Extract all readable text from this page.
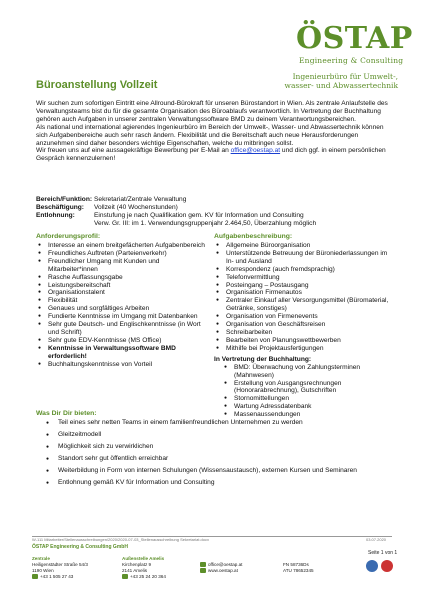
ÖSTAP
Engineering & Consulting
Ingenieurbüro für Umwelt-,
wasser- und Abwassertechnik
Büroanstellung Vollzeit

Wir suchen zum sofortigen Eintritt eine Allround-Bürokraft für unseren Bürostandort in Wien. Als zentrale Anlaufstelle des Verwaltungsteams bist du für die gesamte Organisation des Büroablaufs verantwortlich. In Vertretung der Buchhaltung gehören auch Aufgaben in unserer zentralen Verwaltungssoftware BMD zu deinem Verantwortungsbereichen.

Als national und international agierendes Ingenieurbüro im Bereich der Umwelt-, Wasser- und Abwassertechnik können sich Aufgabenbereiche auch sehr rasch ändern. Flexibilität und die Bereitschaft auch neue Herausforderungen anzunehmen sind daher besonders wichtige Eigenschaften, welche du mitbringen sollst.

Wir freuen uns auf eine aussagekräftige Bewerbung per E-Mail an office@oestap.at und dich ggf. in einem persönlichen Gespräch kennenzulernen!

Bereich/Funktion: Sekretariat/Zentrale Verwaltung
Beschäftigung:	Vollzeit (40 Wochenstunden)
Entlohnung:	Einstufung je nach Qualifikation gem. KV für Information und Consulting
Verw. Gr. III: im 1. Verwendungsgruppenjahr 2.464,50, Überzahlung möglich
Anforderungsprofil:
● Interesse an einem breitgefächerten Aufgabenbereich
● Freundliches Auftreten (Parteienverkehr)
● Freundlicher Umgang mit Kunden und Mitarbeiter*innen
● Rasche Auffassungsgabe
● Leistungsbereitschaft
● Organisationstalent
● Flexibilität
● Genaues und sorgfältiges Arbeiten
● Fundierte Kenntnisse im Umgang mit Datenbanken
● Sehr gute Deutsch- und Englischkenntnisse (in Wort und Schrift)
● Sehr gute EDV-Kenntnisse (MS Office)
● Kenntnisse in Verwaltungssoftware BMD erforderlich!
● Buchhaltungskenntnisse von Vorteil
Aufgabenbeschreibung:
● Allgemeine Büroorganisation
● Unterstützende Betreuung der Büroniederlassungen im In- und Ausland
● Korrespondenz (auch fremdsprachig)
● Telefonvermittlung
● Posteingang – Postausgang
● Organisation Firmenautos
● Zentraler Einkauf aller Versorgungsmittel (Büromaterial, Getränke, sonstiges)
● Organisation von Firmenevents
● Organisation von Geschäftsreisen
● Schreibarbeiten
● Bearbeiten von Planungswettbewerben
● Mithilfe bei Projektausfertigungen
In Vertretung der Buchhaltung:
● BMD: Überwachung von Zahlungsterminen (Mahnwesen)
● Erstellung von Ausgangsrechnungen (Honorarabrechnung), Gutschriften
● Stornomittellungen
● Wartung Adressdatenbank
● Massenaussendungen
Was Dir Dir bieten:
● Teil eines sehr netten Teams in einem familienfreundlichen Unternehmen zu werden
● Gleitzeitmodell
● Möglichkeit sich zu verwirklichen
● Standort sehr gut öffentlich erreichbar
● Weiterbildung in Form von internen Schulungen (Wissensaustausch), externen Kursen und Seminaren
● Entlohnung gemäß KV für Information und Consulting
W-111 Mitarbeiter/Stellenausschreibungen/2020/2020-07-03_Stellenausschreibung Sekretariat.docx	03.07.2020
ÖSTAP Engineering & Consulting GmbH
Zentrale
Heiligenstädter Straße 54/3
1190 Wien
+43 1 505 27 43
Außenstelle Amelis
Kirchenplatz 9
2141 Amelis
+43 25 24 20 364
office@oestap.at
www.oestap.at
FN 58736Ds
ATU 78652345
Seite 1 von 1
